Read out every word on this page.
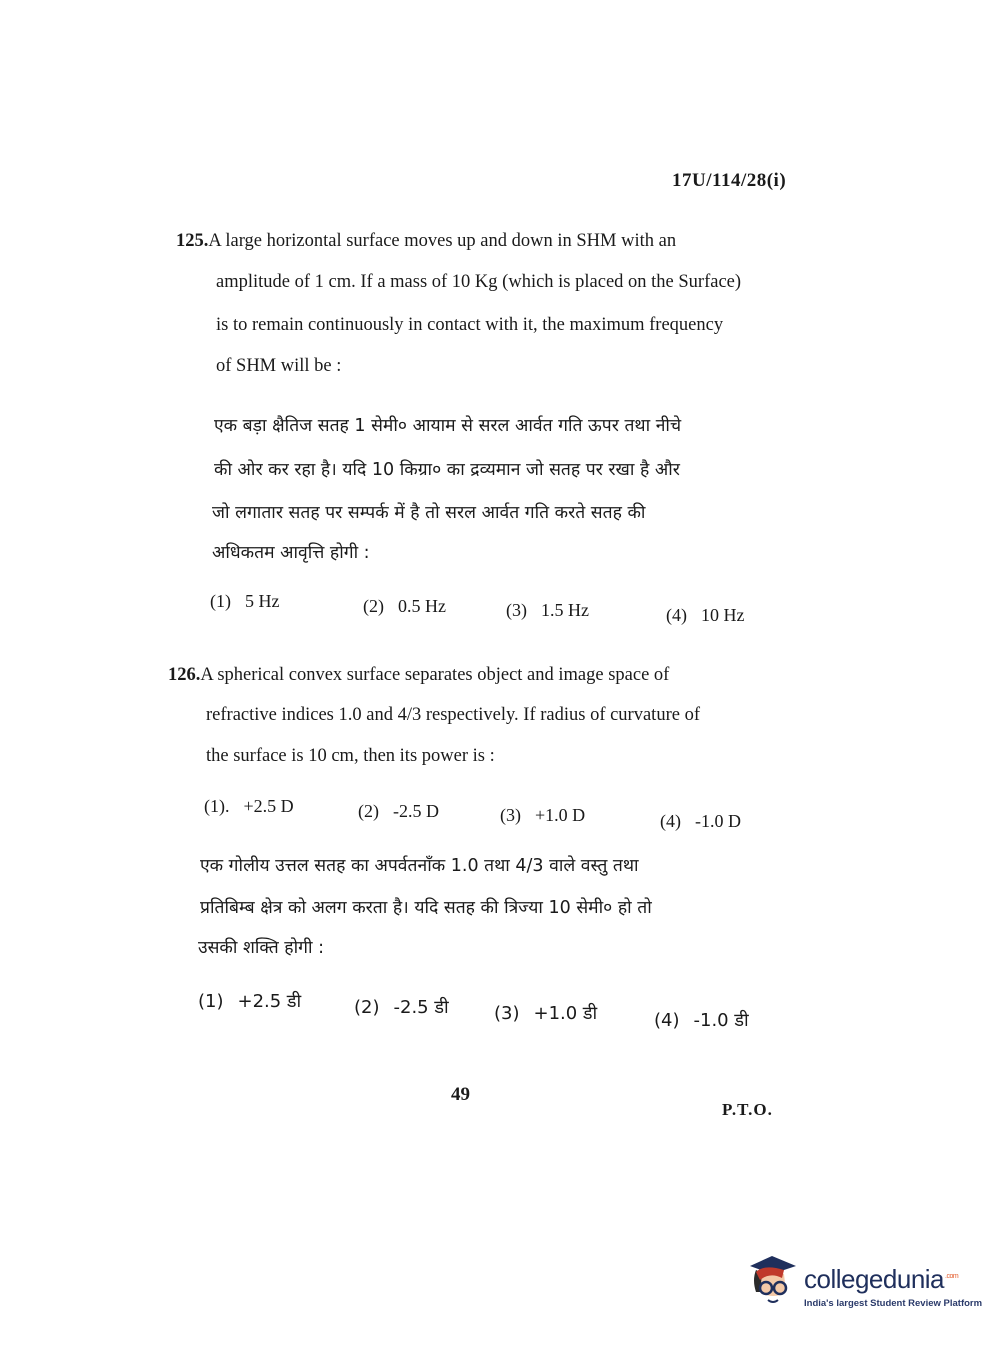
17U/114/28(i)
125.A large horizontal surface moves up and down in SHM with an
amplitude of 1 cm. If a mass of 10 Kg (which is placed on the Surface)
is to remain continuously in contact with it, the maximum frequency
of SHM will be :
एक बड़ा क्षैतिज सतह 1 सेमी० आयाम से सरल आर्वत गति ऊपर तथा नीचे
की ओर कर रहा है। यदि 10 किग्रा० का द्रव्यमान जो सतह पर रखा है और
जो लगातार सतह पर सम्पर्क में है तो सरल आर्वत गति करते सतह की
अधिकतम आवृत्ति होगी :
(1) 5 Hz	(2) 0.5 Hz	(3) 1.5 Hz	(4) 10 Hz
126.A spherical convex surface separates object and image space of
refractive indices 1.0 and 4/3 respectively. If radius of curvature of
the surface is 10 cm, then its power is :
(1). +2.5 D	(2) -2.5 D	(3) +1.0 D	(4) -1.0 D
एक गोलीय उत्तल सतह का अपर्वतनाँक 1.0 तथा 4/3 वाले वस्तु तथा
प्रतिबिम्ब क्षेत्र को अलग करता है। यदि सतह की त्रिज्या 10 सेमी० हो तो
उसकी शक्ति होगी :
(1) +2.5 डी	(2) -2.5 डी	(3) +1.0 डी	(4) -1.0 डी
49
P.T.O.
collegedunia$^{.com}$
India's largest Student Review Platform
